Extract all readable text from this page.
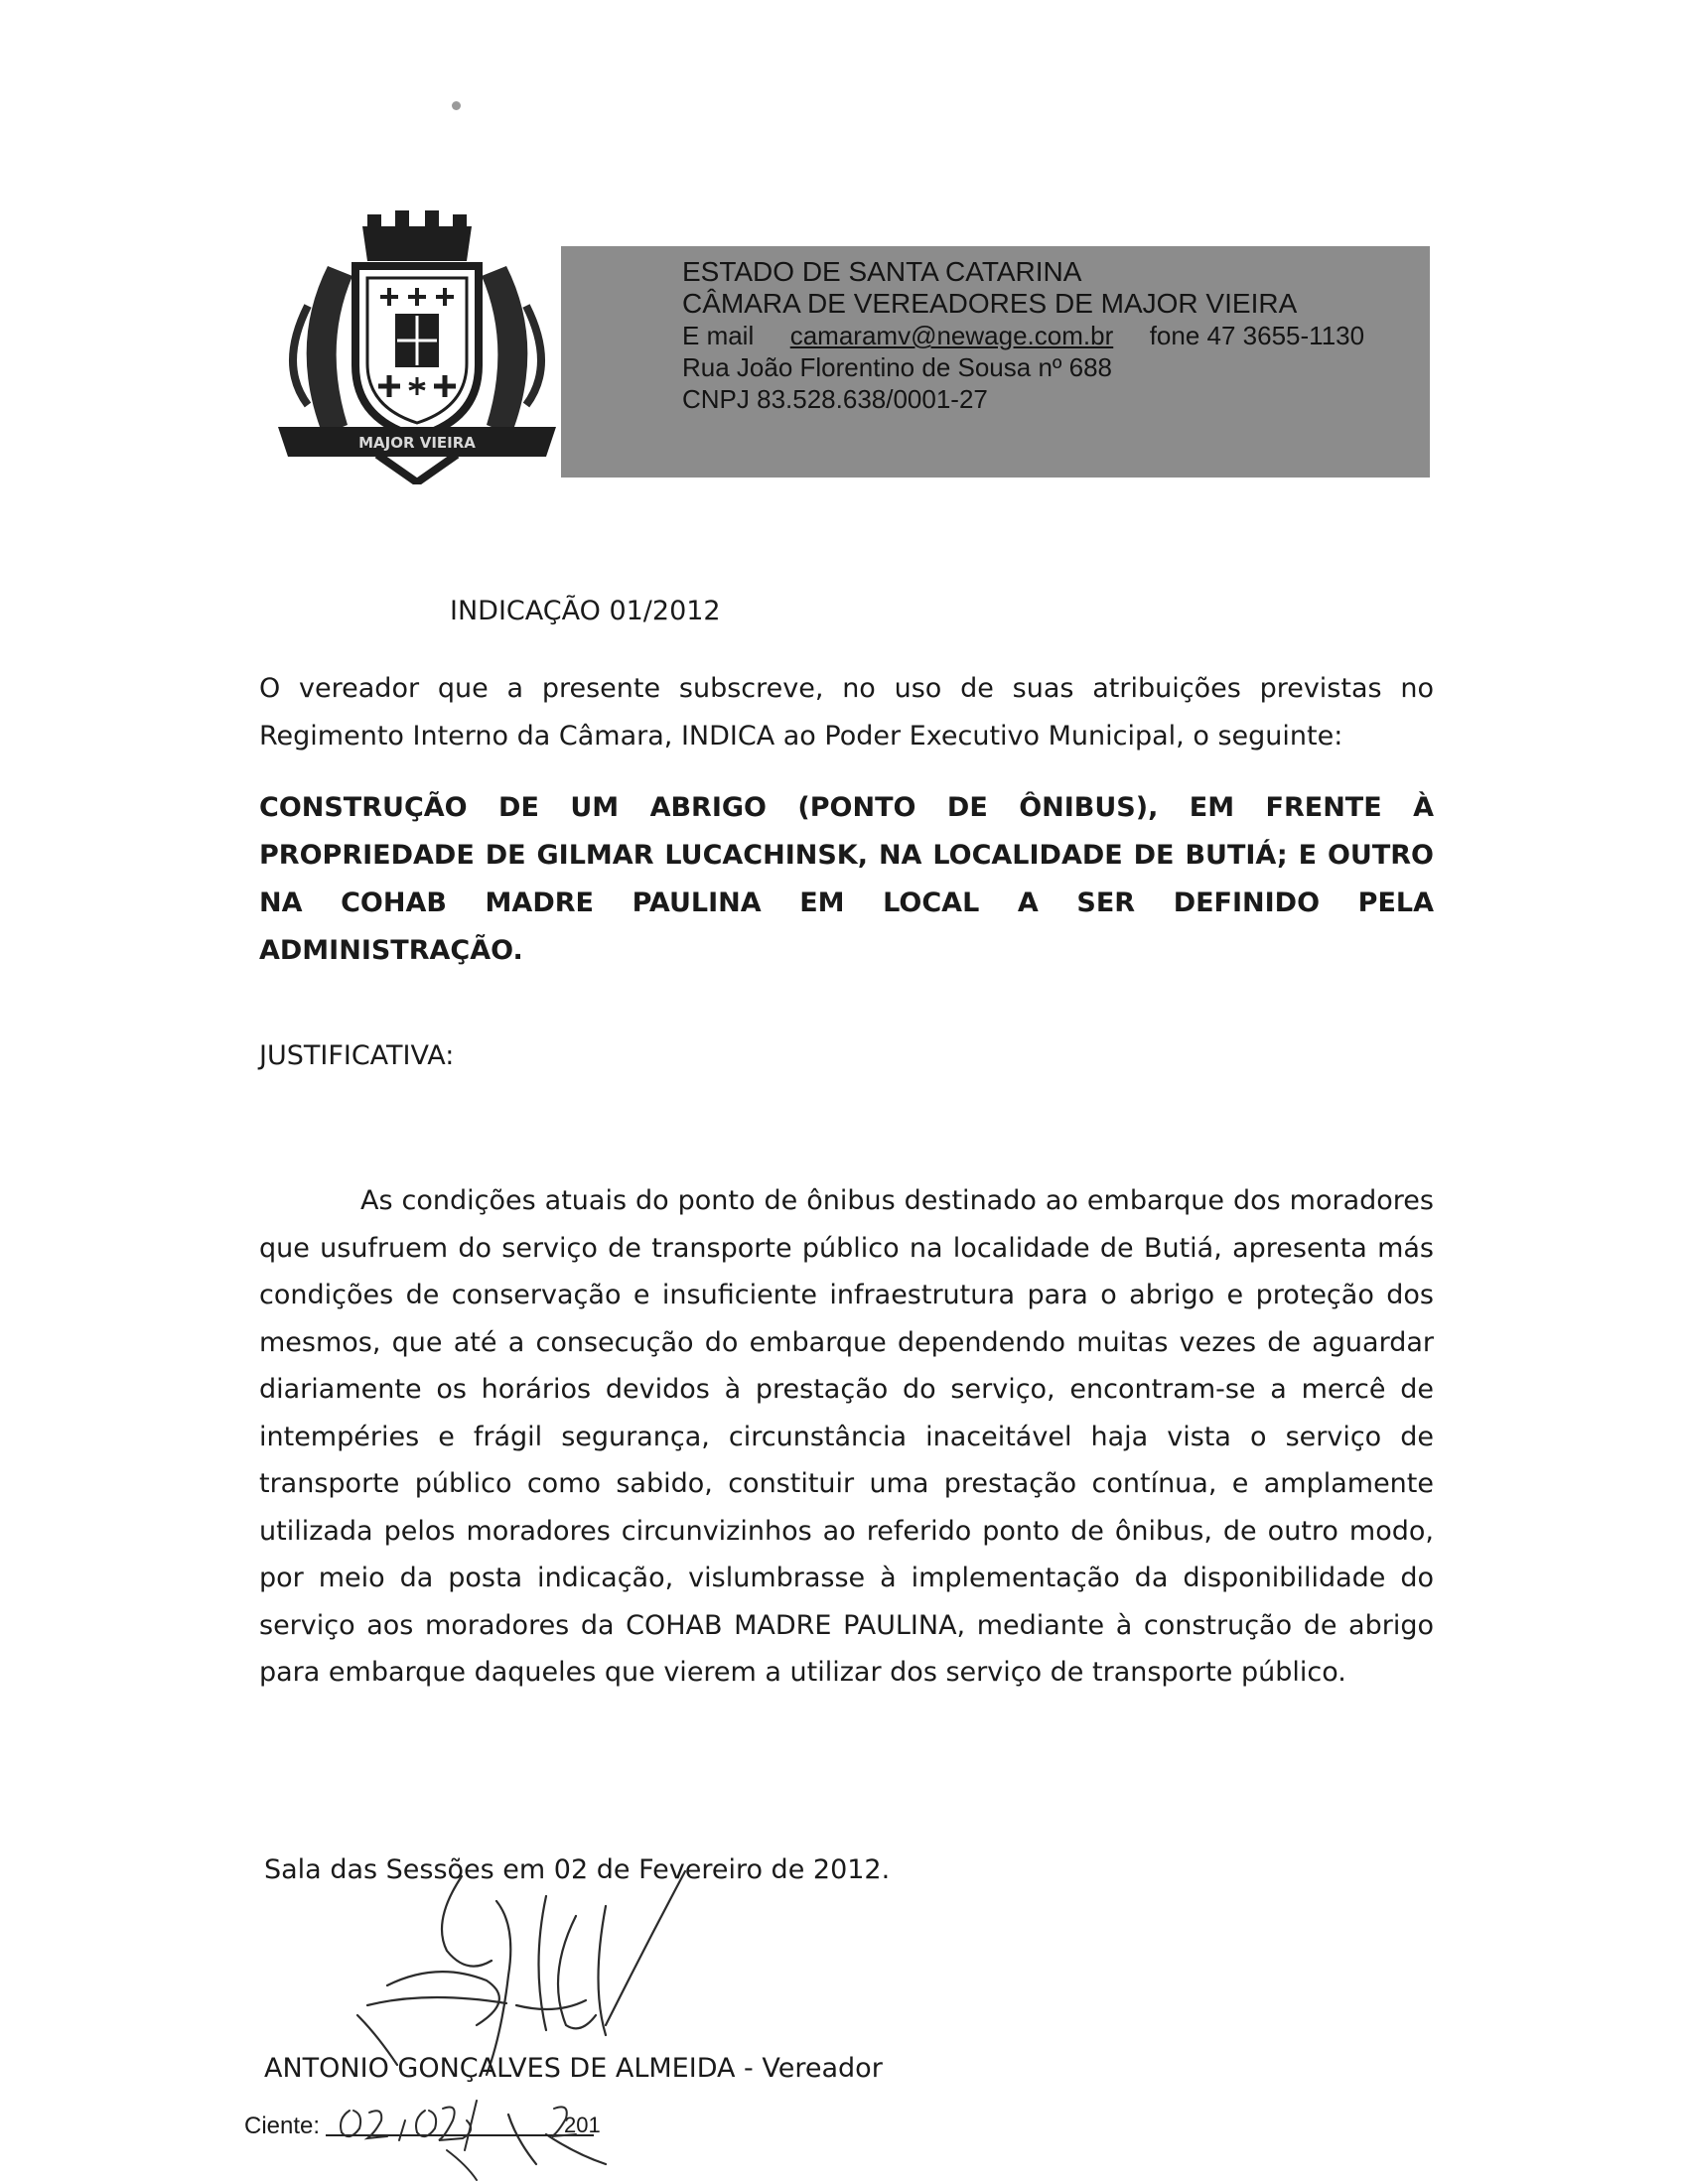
MAJOR VIEIRA
ESTADO DE SANTA CATARINA
CÂMARA DE VEREADORES DE MAJOR VIEIRA
E mail camaramv@newage.com.br fone 47 3655-1130
Rua João Florentino de Sousa nº 688
CNPJ 83.528.638/0001-27
INDICAÇÃO 01/2012
O vereador que a presente subscreve, no uso de suas atribuições previstas no Regimento Interno da Câmara, INDICA ao Poder Executivo Municipal, o seguinte:
CONSTRUÇÃO DE UM ABRIGO (PONTO DE ÔNIBUS), EM FRENTE À PROPRIEDADE DE GILMAR LUCACHINSK, NA LOCALIDADE DE BUTIÁ; E OUTRO NA COHAB MADRE PAULINA EM LOCAL A SER DEFINIDO PELA ADMINISTRAÇÃO.
JUSTIFICATIVA:
As condições atuais do ponto de ônibus destinado ao embarque dos moradores que usufruem do serviço de transporte público na localidade de Butiá, apresenta más condições de conservação e insuficiente infraestrutura para o abrigo e proteção dos mesmos, que até a consecução do embarque dependendo muitas vezes de aguardar diariamente os horários devidos à prestação do serviço, encontram-se a mercê de intempéries e frágil segurança, circunstância inaceitável haja vista o serviço de transporte público como sabido, constituir uma prestação contínua, e amplamente utilizada pelos moradores circunvizinhos ao referido ponto de ônibus, de outro modo, por meio da posta indicação, vislumbrasse à implementação da disponibilidade do serviço aos moradores da COHAB MADRE PAULINA, mediante à construção de abrigo para embarque daqueles que vierem a utilizar dos serviço de transporte público.
Sala das Sessões em 02 de Fevereiro de 2012.
ANTONIO GONÇALVES DE ALMEIDA - Vereador
Ciente:	201
